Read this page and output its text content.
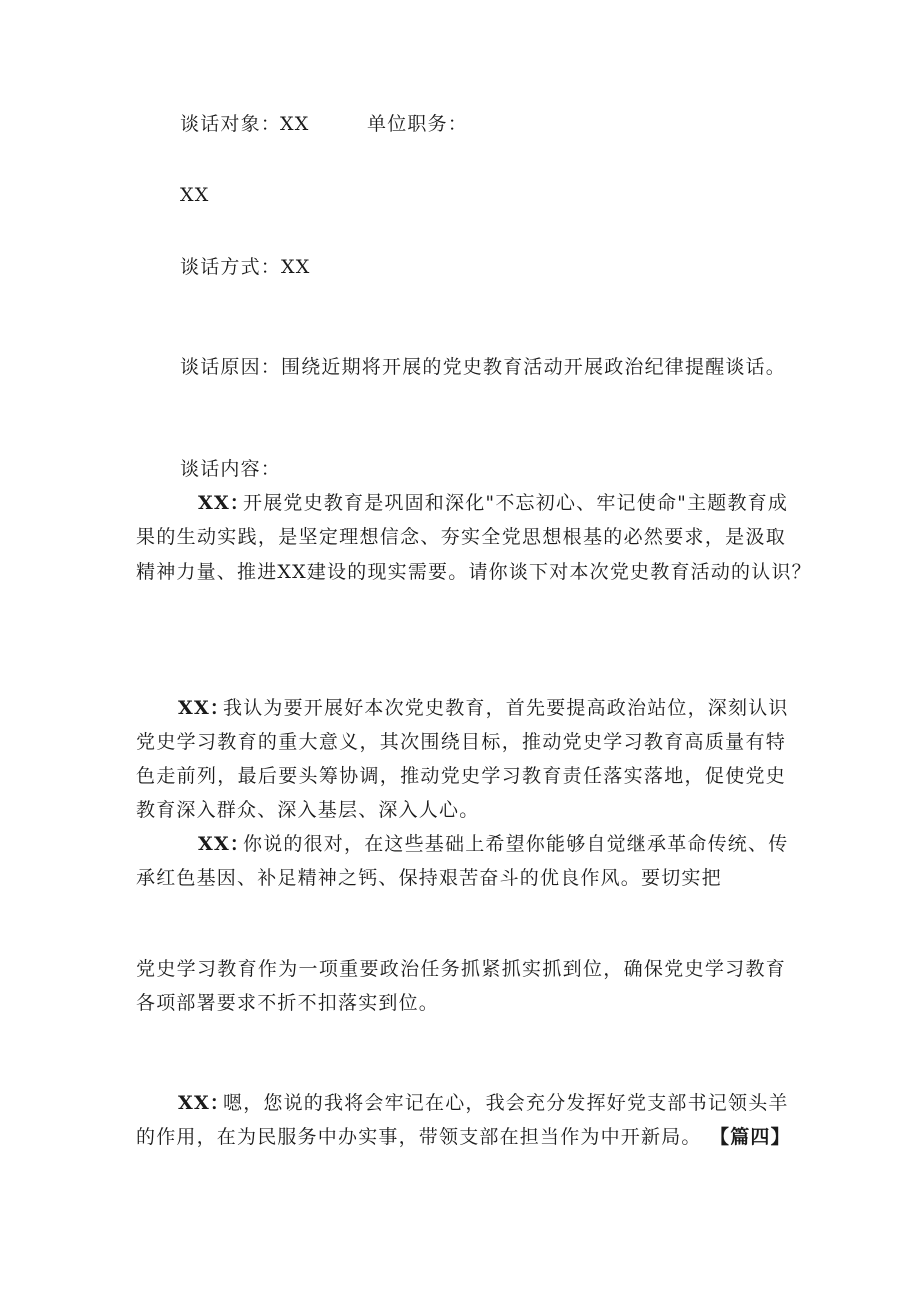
谈话对象：
XX	单位职务：
XX
谈话方式：XX
谈话原因：围绕近期将开展的党史教育活动开展政治纪律提醒谈话。
谈话内容：
XX：
开展党史教育是巩固和深化"不忘初心、牢记使命"主题教育成
果的生动实践，是坚定理想信念、夯实全党思想根基的必然要求，是汲取
精神力量、推进XX建设的现实需要。请你谈下对本次党史教育活动的认识？
XX：
我认为要开展好本次党史教育，首先要提高政治站位，深刻认识
党史学习教育的重大意义，其次围绕目标，推动党史学习教育高质量有特
色走前列，最后要头筹协调，推动党史学习教育责任落实落地，促使党史
教育深入群众、深入基层、深入人心。
XX：
你说的很对，在这些基础上希望你能够自觉继承革命传统、传
承红色基因、补足精神之钙、保持艰苦奋斗的优良作风。要切实把
党史学习教育作为一项重要政治任务抓紧抓实抓到位，确保党史学习教育
各项部署要求不折不扣落实到位。
XX：
嗯，您说的我将会牢记在心，我会充分发挥好党支部书记领头羊
的作用，在为民服务中办实事，带领支部在担当作为中开新局。 【篇四】
